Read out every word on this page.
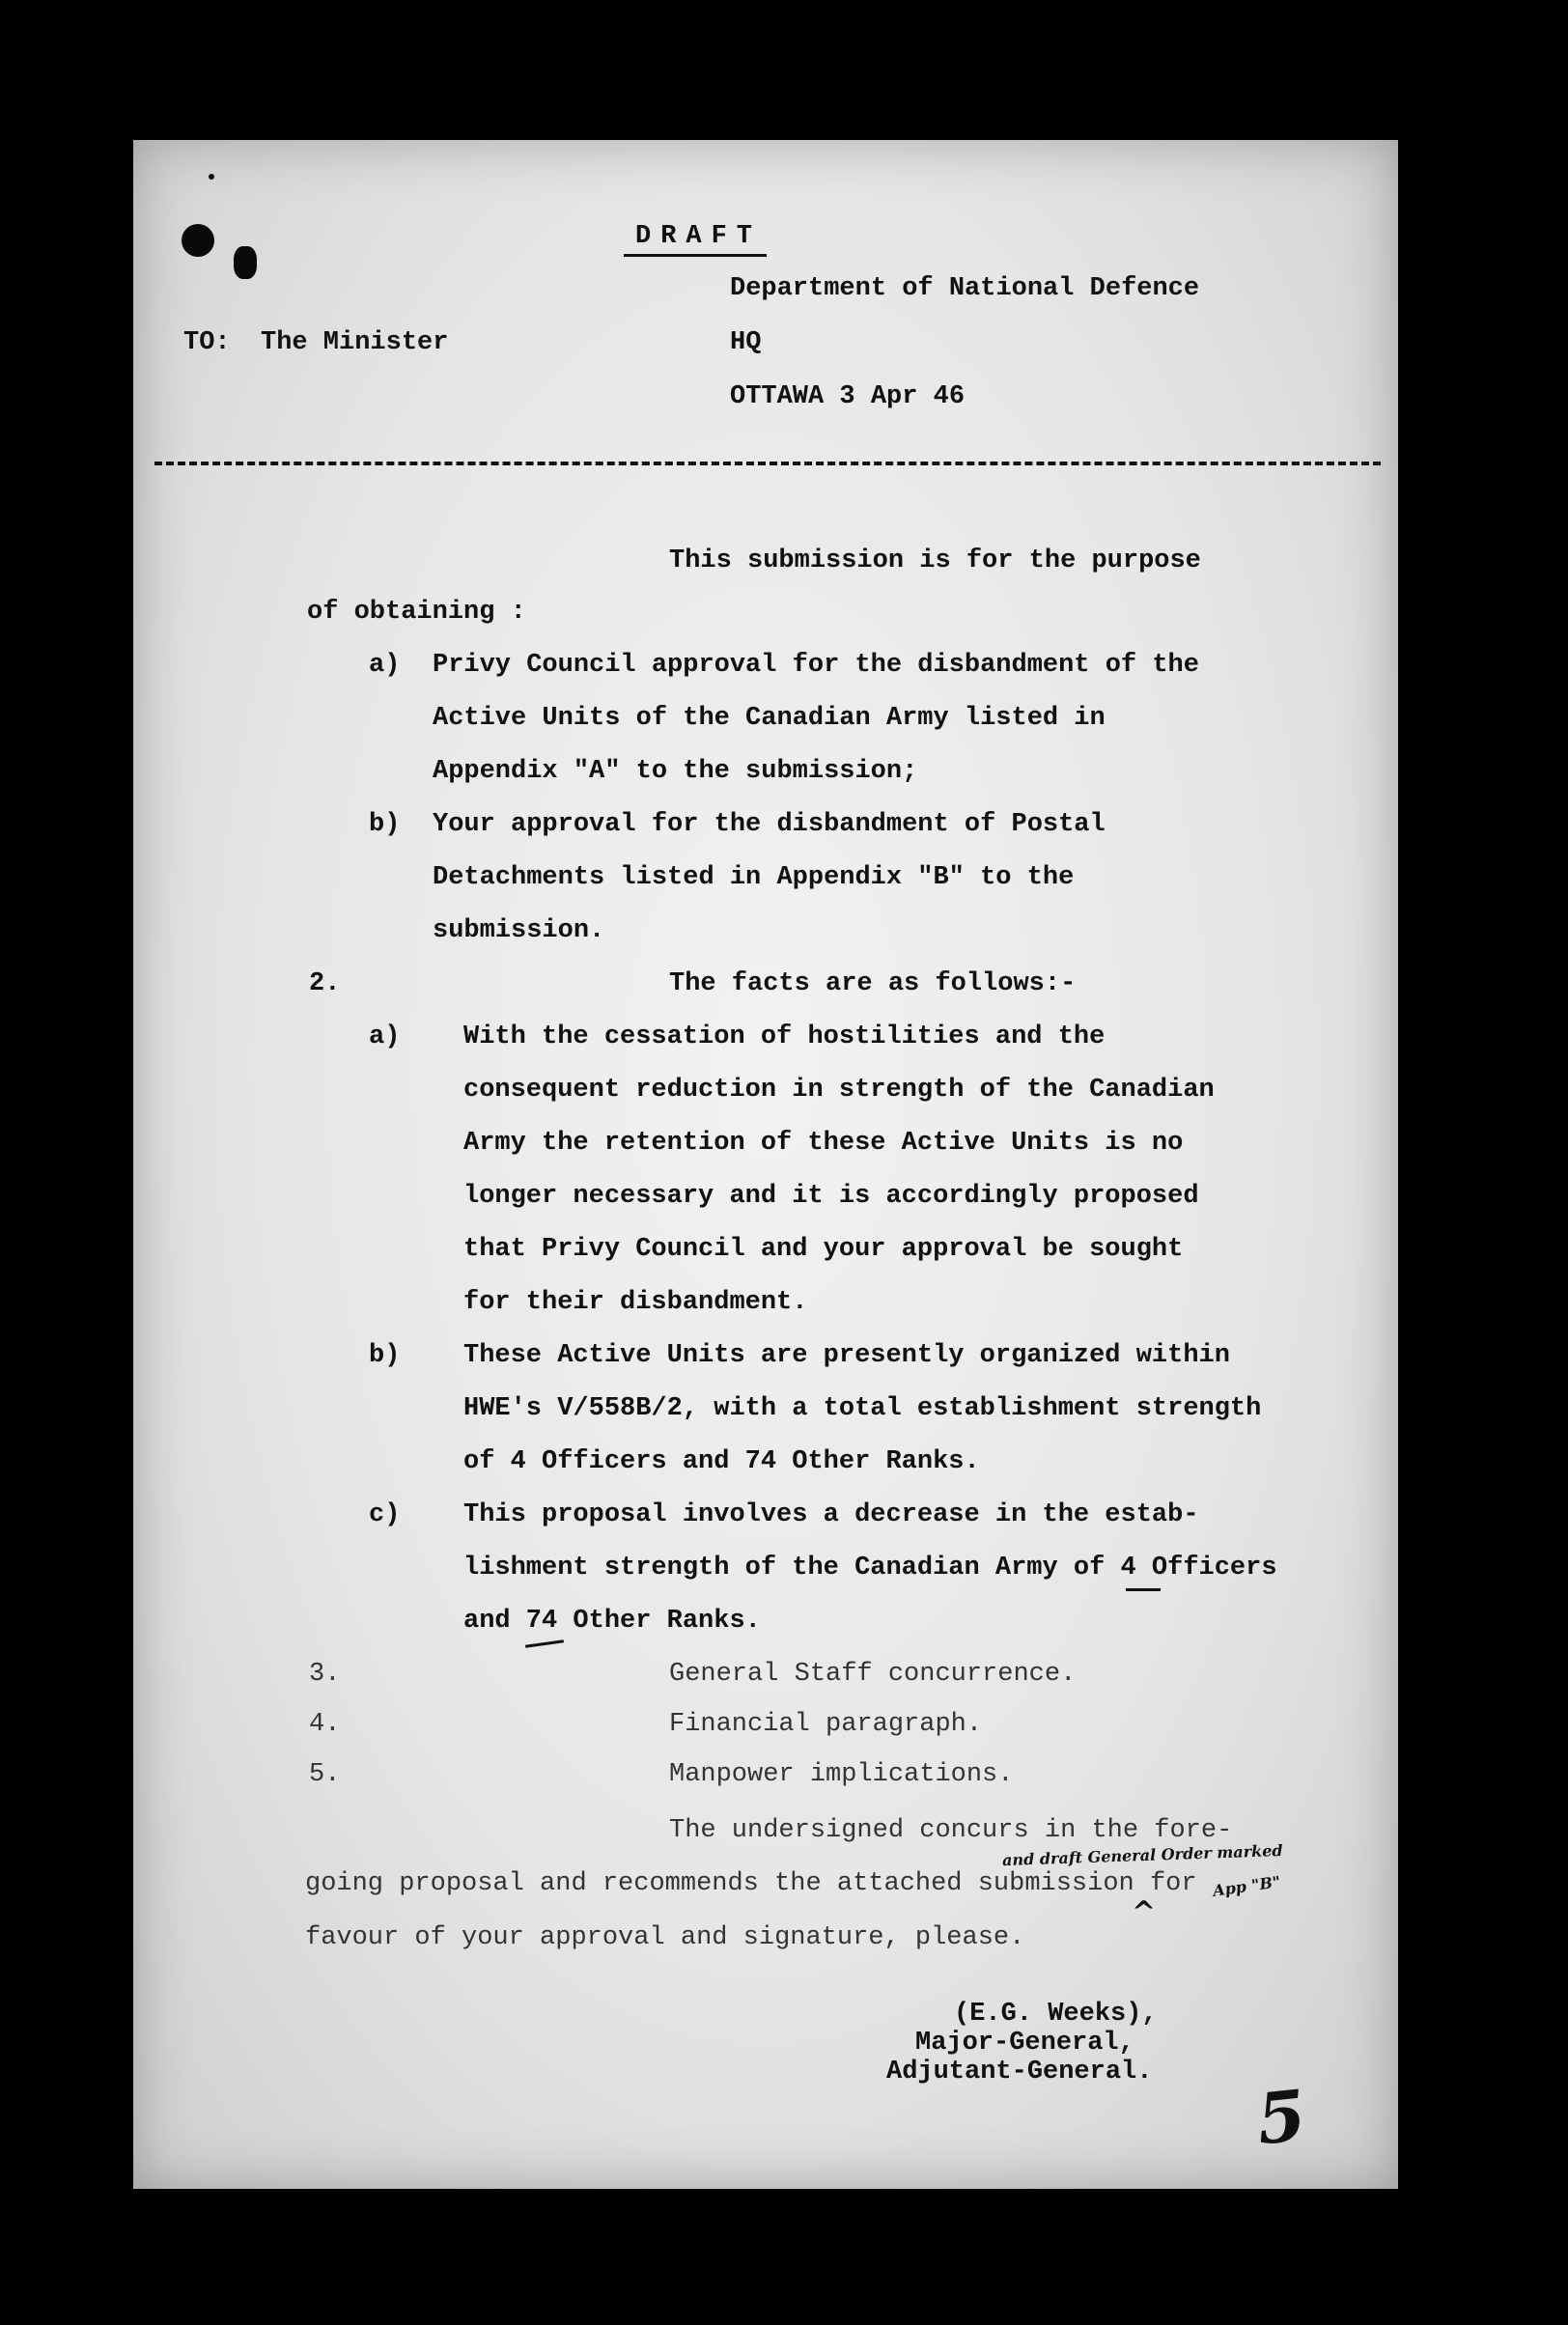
DRAFT
Department of National Defence
TO: The Minister	HQ
OTTAWA 3 Apr 46
This submission is for the purpose
of obtaining :
a) Privy Council approval for the disbandment of the
Active Units of the Canadian Army listed in
Appendix "A" to the submission;
b) Your approval for the disbandment of Postal
Detachments listed in Appendix "B" to the
submission.
2.	The facts are as follows:-
a) With the cessation of hostilities and the
consequent reduction in strength of the Canadian
Army the retention of these Active Units is no
longer necessary and it is accordingly proposed
that Privy Council and your approval be sought
for their disbandment.
b) These Active Units are presently organized within
HWE's V/558B/2, with a total establishment strength
of 4 Officers and 74 Other Ranks.
c) This proposal involves a decrease in the estab-
lishment strength of the Canadian Army of 4 Officers
and 74 Other Ranks.
3.	General Staff concurrence.
4.	Financial paragraph.
5.	Manpower implications.
The undersigned concurs in the fore-
going proposal and recommends the attached submission for
favour of your approval and signature, please.
and draft General Order marked
App "B"
^
(E.G. Weeks),
Major-General,
Adjutant-General.
5
